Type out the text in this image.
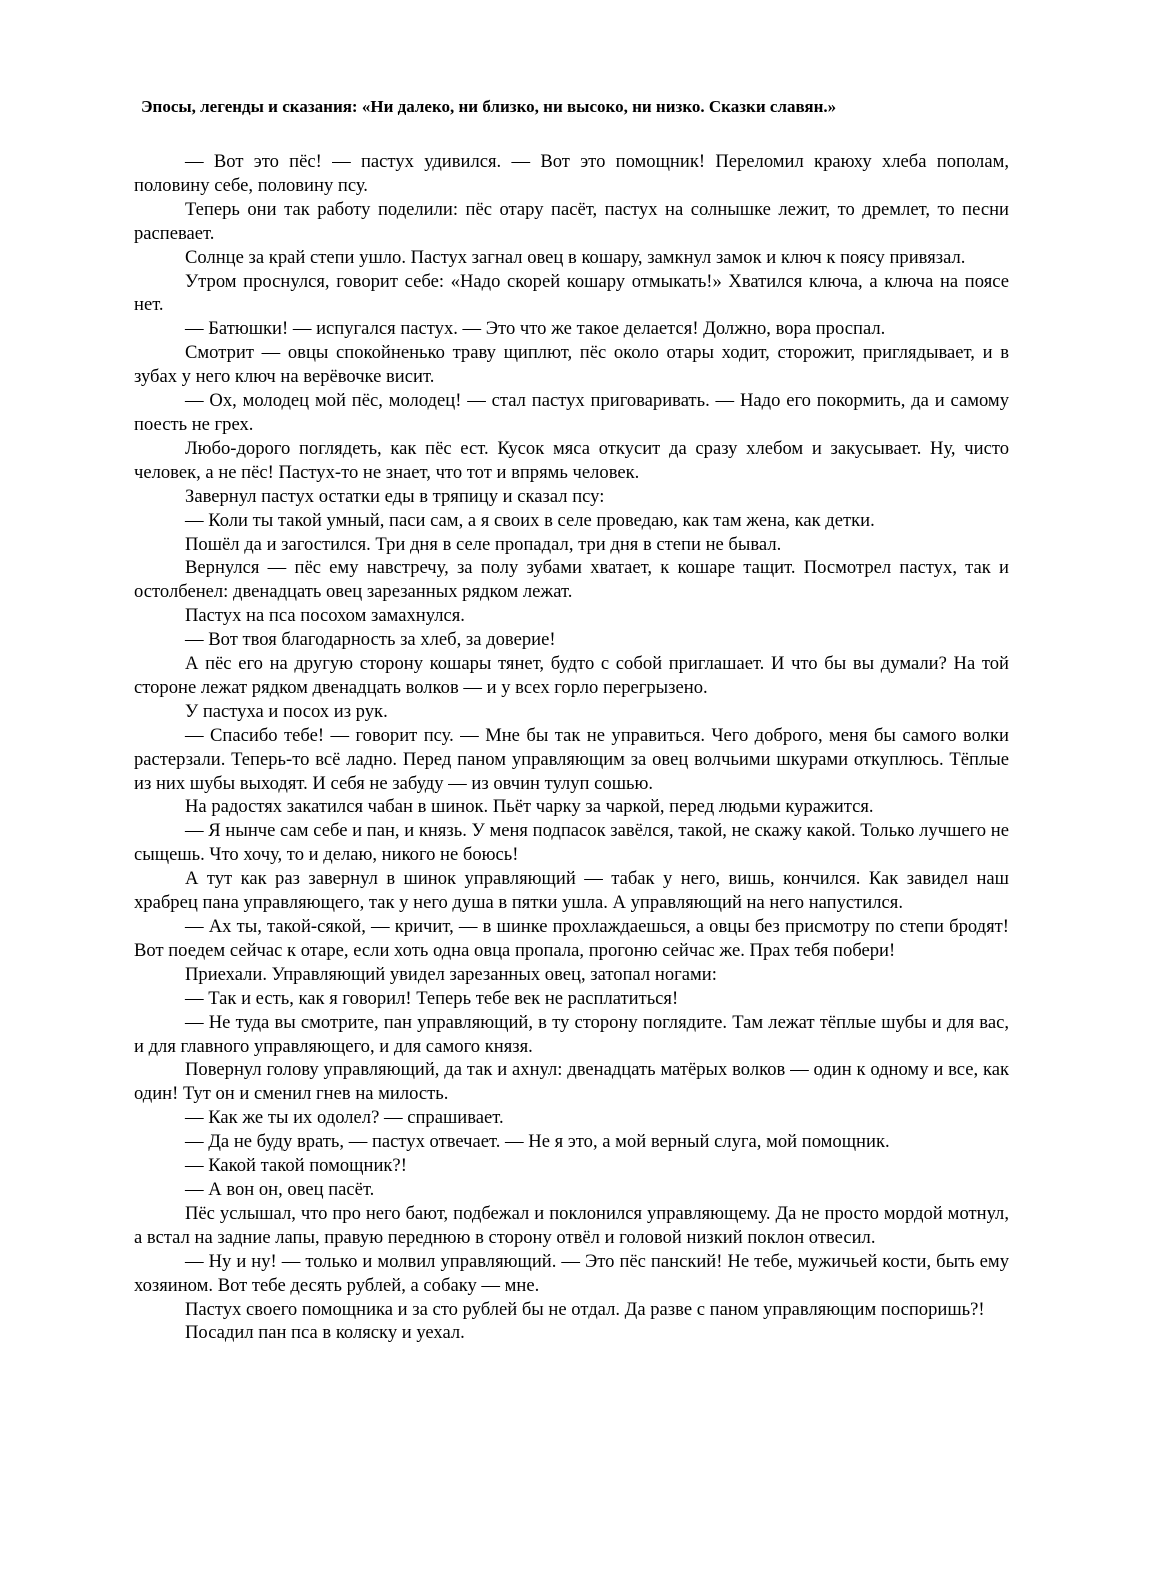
Эпосы, легенды и сказания: «Ни далеко, ни близко, ни высоко, ни низко. Сказки славян.»

— Вот это пёс! — пастух удивился. — Вот это помощник! Переломил краюху хлеба пополам, половину себе, половину псу.

Теперь они так работу поделили: пёс отару пасёт, пастух на солнышке лежит, то дремлет, то песни распевает.

Солнце за край степи ушло. Пастух загнал овец в кошару, замкнул замок и ключ к поясу привязал.

Утром проснулся, говорит себе: «Надо скорей кошару отмыкать!» Хватился ключа, а ключа на поясе нет.

— Батюшки! — испугался пастух. — Это что же такое делается! Должно, вора проспал.

Смотрит — овцы спокойненько траву щиплют, пёс около отары ходит, сторожит, приглядывает, и в зубах у него ключ на верёвочке висит.

— Ох, молодец мой пёс, молодец! — стал пастух приговаривать. — Надо его покормить, да и самому поесть не грех.

Любо-дорого поглядеть, как пёс ест. Кусок мяса откусит да сразу хлебом и закусывает. Ну, чисто человек, а не пёс! Пастух-то не знает, что тот и впрямь человек.

Завернул пастух остатки еды в тряпицу и сказал псу:

— Коли ты такой умный, паси сам, а я своих в селе проведаю, как там жена, как детки.

Пошёл да и загостился. Три дня в селе пропадал, три дня в степи не бывал.

Вернулся — пёс ему навстречу, за полу зубами хватает, к кошаре тащит. Посмотрел пастух, так и остолбенел: двенадцать овец зарезанных рядком лежат.

Пастух на пса посохом замахнулся.

— Вот твоя благодарность за хлеб, за доверие!

А пёс его на другую сторону кошары тянет, будто с собой приглашает. И что бы вы думали? На той стороне лежат рядком двенадцать волков — и у всех горло перегрызено.

У пастуха и посох из рук.

— Спасибо тебе! — говорит псу. — Мне бы так не управиться. Чего доброго, меня бы самого волки растерзали. Теперь-то всё ладно. Перед паном управляющим за овец волчьими шкурами откуплюсь. Тёплые из них шубы выходят. И себя не забуду — из овчин тулуп сошью.

На радостях закатился чабан в шинок. Пьёт чарку за чаркой, перед людьми куражится.

— Я нынче сам себе и пан, и князь. У меня подпасок завёлся, такой, не скажу какой. Только лучшего не сыщешь. Что хочу, то и делаю, никого не боюсь!

А тут как раз завернул в шинок управляющий — табак у него, вишь, кончился. Как завидел наш храбрец пана управляющего, так у него душа в пятки ушла. А управляющий на него напустился.

— Ах ты, такой-сякой, — кричит, — в шинке прохлаждаешься, а овцы без присмотру по степи бродят! Вот поедем сейчас к отаре, если хоть одна овца пропала, прогоню сейчас же. Прах тебя побери!

Приехали. Управляющий увидел зарезанных овец, затопал ногами:

— Так и есть, как я говорил! Теперь тебе век не расплатиться!

— Не туда вы смотрите, пан управляющий, в ту сторону поглядите. Там лежат тёплые шубы и для вас, и для главного управляющего, и для самого князя.

Повернул голову управляющий, да так и ахнул: двенадцать матёрых волков — один к одному и все, как один! Тут он и сменил гнев на милость.

— Как же ты их одолел? — спрашивает.

— Да не буду врать, — пастух отвечает. — Не я это, а мой верный слуга, мой помощник.

— Какой такой помощник?!

— А вон он, овец пасёт.

Пёс услышал, что про него бают, подбежал и поклонился управляющему. Да не просто мордой мотнул, а встал на задние лапы, правую переднюю в сторону отвёл и головой низкий поклон отвесил.

— Ну и ну! — только и молвил управляющий. — Это пёс панский! Не тебе, мужичьей кости, быть ему хозяином. Вот тебе десять рублей, а собаку — мне.

Пастух своего помощника и за сто рублей бы не отдал. Да разве с паном управляющим поспоришь?!

Посадил пан пса в коляску и уехал.
